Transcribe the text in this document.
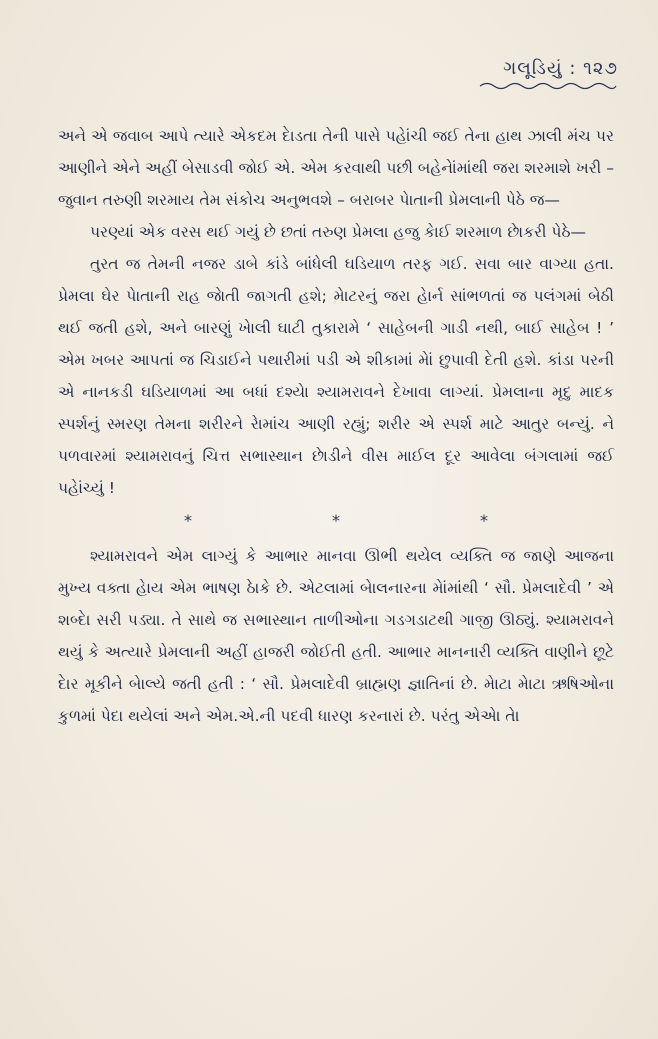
ગલૂડિયું : ૧૨૭

અને એ જવાબ આપે ત્યારે એકદમ દેાડતા તેની પાસે પહેાંચી જઈ તેના હાથ ઝાલી મંચ પર આણીને એને અહીં બેસાડવી જોઈ એ. એમ કરવાથી પછી બહેનેાંમાંથી જરા શરમાશે ખરી – જુવાન તરુણી શરમાય તેમ સંકોચ અનુભવશે – બરાબર પેાતાની પ્રેમલાની પેઠે જ—

પરણ્યાં એક વરસ થઈ ગયું છે છતાં તરુણ પ્રેમલા હજુ કેાઈ શરમાળ છેાકરી પેઠે—

તુરત જ તેમની નજર ડાબે કાંડે બાંધેલી ઘડિયાળ તરફ ગઈ. સવા બાર વાગ્યા હતા. પ્રેમલા ઘેર પેાતાની રાહ જેાતી જાગતી હશે; મેાટરનું જરા હેાર્ન સાંભળતાં જ પલંગમાં બેઠી થઈ જતી હશે, અને બારણું ખેાલી ઘાટી તુકારામે ‘ સાહેબની ગાડી નથી, બાઈ સાહેબ ! ’ એમ ખબર આપતાં જ ચિડાઈને પથારીમાં પડી એ શીકામાં મેાં છુપાવી દેતી હશે. કાંડા પરની એ નાનકડી ઘડિયાળમાં આ બધાં દશ્યેા શ્યામરાવને દેખાવા લાગ્યાં. પ્રેમલાના મૃદુ માદક સ્પર્શનું સ્મરણ તેમના શરીરને રેામાંચ આણી રહ્યું; શરીર એ સ્પર્શ માટે આતુર બન્યું. ને પળવારમાં શ્યામરાવનું ચિત્ત સભાસ્થાન છેાડીને વીસ માઈલ દૂર આવેલા બંગલામાં જઈ પહેાંચ્યું !

*	*	*

શ્યામરાવને એમ લાગ્યું કે આભાર માનવા ઊભી થયેલ વ્યક્તિ જ જાણે આજના મુખ્ય વક્તા હેાય એમ ભાષણ ઠેાકે છે. એટલામાં બેાલનારના મેાંમાંથી ‘ સૌ. પ્રેમલાદેવી ’ એ શબ્દેા સરી પડ્યા. તે સાથે જ સભાસ્થાન તાળીઓના ગડગડાટથી ગાજી ઊઠ્યું. શ્યામરાવને થયું કે અત્યારે પ્રેમલાની અહીં હાજરી જોઈતી હતી. આભાર માનનારી વ્યક્તિ વાણીને છૂટે દેાર મૂકીને બેાલ્યે જતી હતી : ‘ સૌ. પ્રેમલાદેવી બ્રાહ્મણ જ્ઞાતિનાં છે. મેાટા મેાટા ઋષિઓના કુળમાં પેદા થયેલાં અને એમ.એ.ની પદવી ધારણ કરનારાં છે. પરંતુ એએા તેા
